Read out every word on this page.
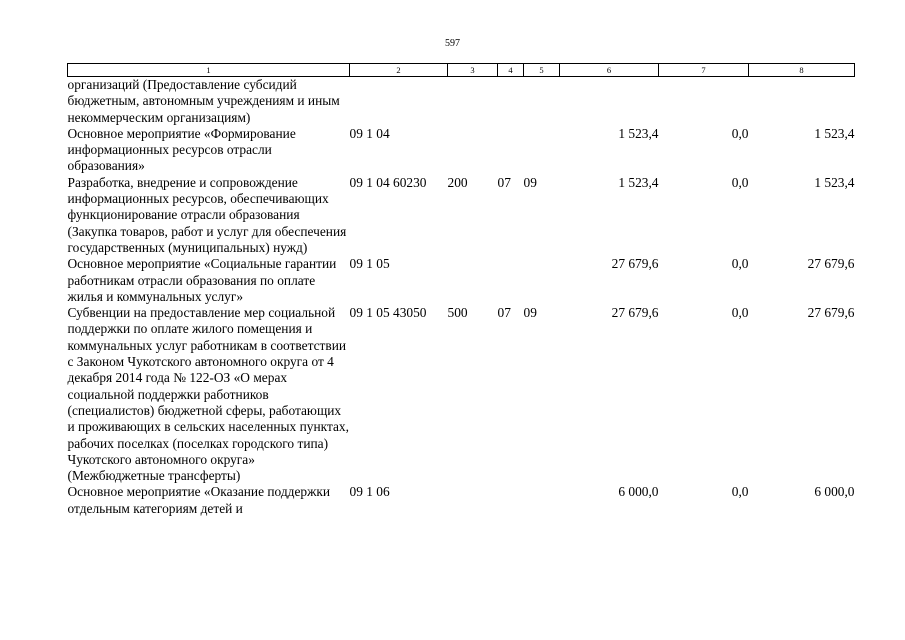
597
1	2	3	4	5	6	7	8
организаций (Предоставление субсидий бюджетным, автономным учреждениям и иным некоммерческим организациям)							
Основное мероприятие «Формирование информационных ресурсов отрасли образования»	09 1 04				1 523,4	0,0	1 523,4
Разработка, внедрение и сопровождение информационных ресурсов, обеспечивающих функционирование отрасли образования (Закупка товаров, работ и услуг для обеспечения государственных (муниципальных) нужд)	09 1 04 60230	200	07	09	1 523,4	0,0	1 523,4
Основное мероприятие «Социальные гарантии работникам отрасли образования по оплате жилья и коммунальных услуг»	09 1 05				27 679,6	0,0	27 679,6
Субвенции на предоставление мер социальной поддержки по оплате жилого помещения и коммунальных услуг работникам в соответствии с Законом Чукотского автономного округа от 4 декабря 2014 года № 122-ОЗ «О мерах социальной поддержки работников (специалистов) бюджетной сферы, работающих и проживающих в сельских населенных пунктах, рабочих поселках (поселках городского типа) Чукотского автономного округа» (Межбюджетные трансферты)	09 1 05 43050	500	07	09	27 679,6	0,0	27 679,6
Основное мероприятие «Оказание поддержки отдельным категориям детей и	09 1 06				6 000,0	0,0	6 000,0
